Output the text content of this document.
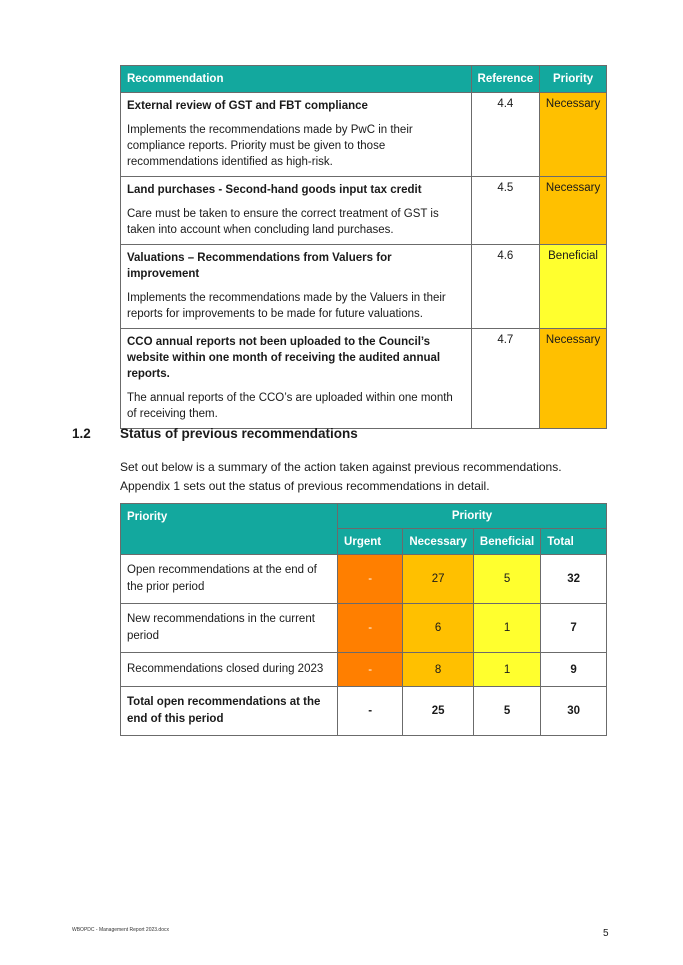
Recommendation	Reference	Priority

External review of GST and FBT compliance
Implements the recommendations made by PwC in their compliance reports. Priority must be given to those recommendations identified as high-risk.	4.4	Necessary

Land purchases - Second-hand goods input tax credit
Care must be taken to ensure the correct treatment of GST is taken into account when concluding land purchases.	4.5	Necessary

Valuations – Recommendations from Valuers for improvement
Implements the recommendations made by the Valuers in their reports for improvements to be made for future valuations.	4.6	Beneficial

CCO annual reports not been uploaded to the Council’s website within one month of receiving the audited annual reports.
The annual reports of the CCO’s are uploaded within one month of receiving them.	4.7	Necessary
1.2 Status of previous recommendations
Set out below is a summary of the action taken against previous recommendations. Appendix 1 sets out the status of previous recommendations in detail.
Priority	Priority			
	Urgent	Necessary	Beneficial	Total
Open recommendations at the end of the prior period	-	27	5	32
New recommendations in the current period	-	6	1	7
Recommendations closed during 2023	-	8	1	9
Total open recommendations at the end of this period	-	25	5	30
WBOPDC - Management Report 2023.docx	5
